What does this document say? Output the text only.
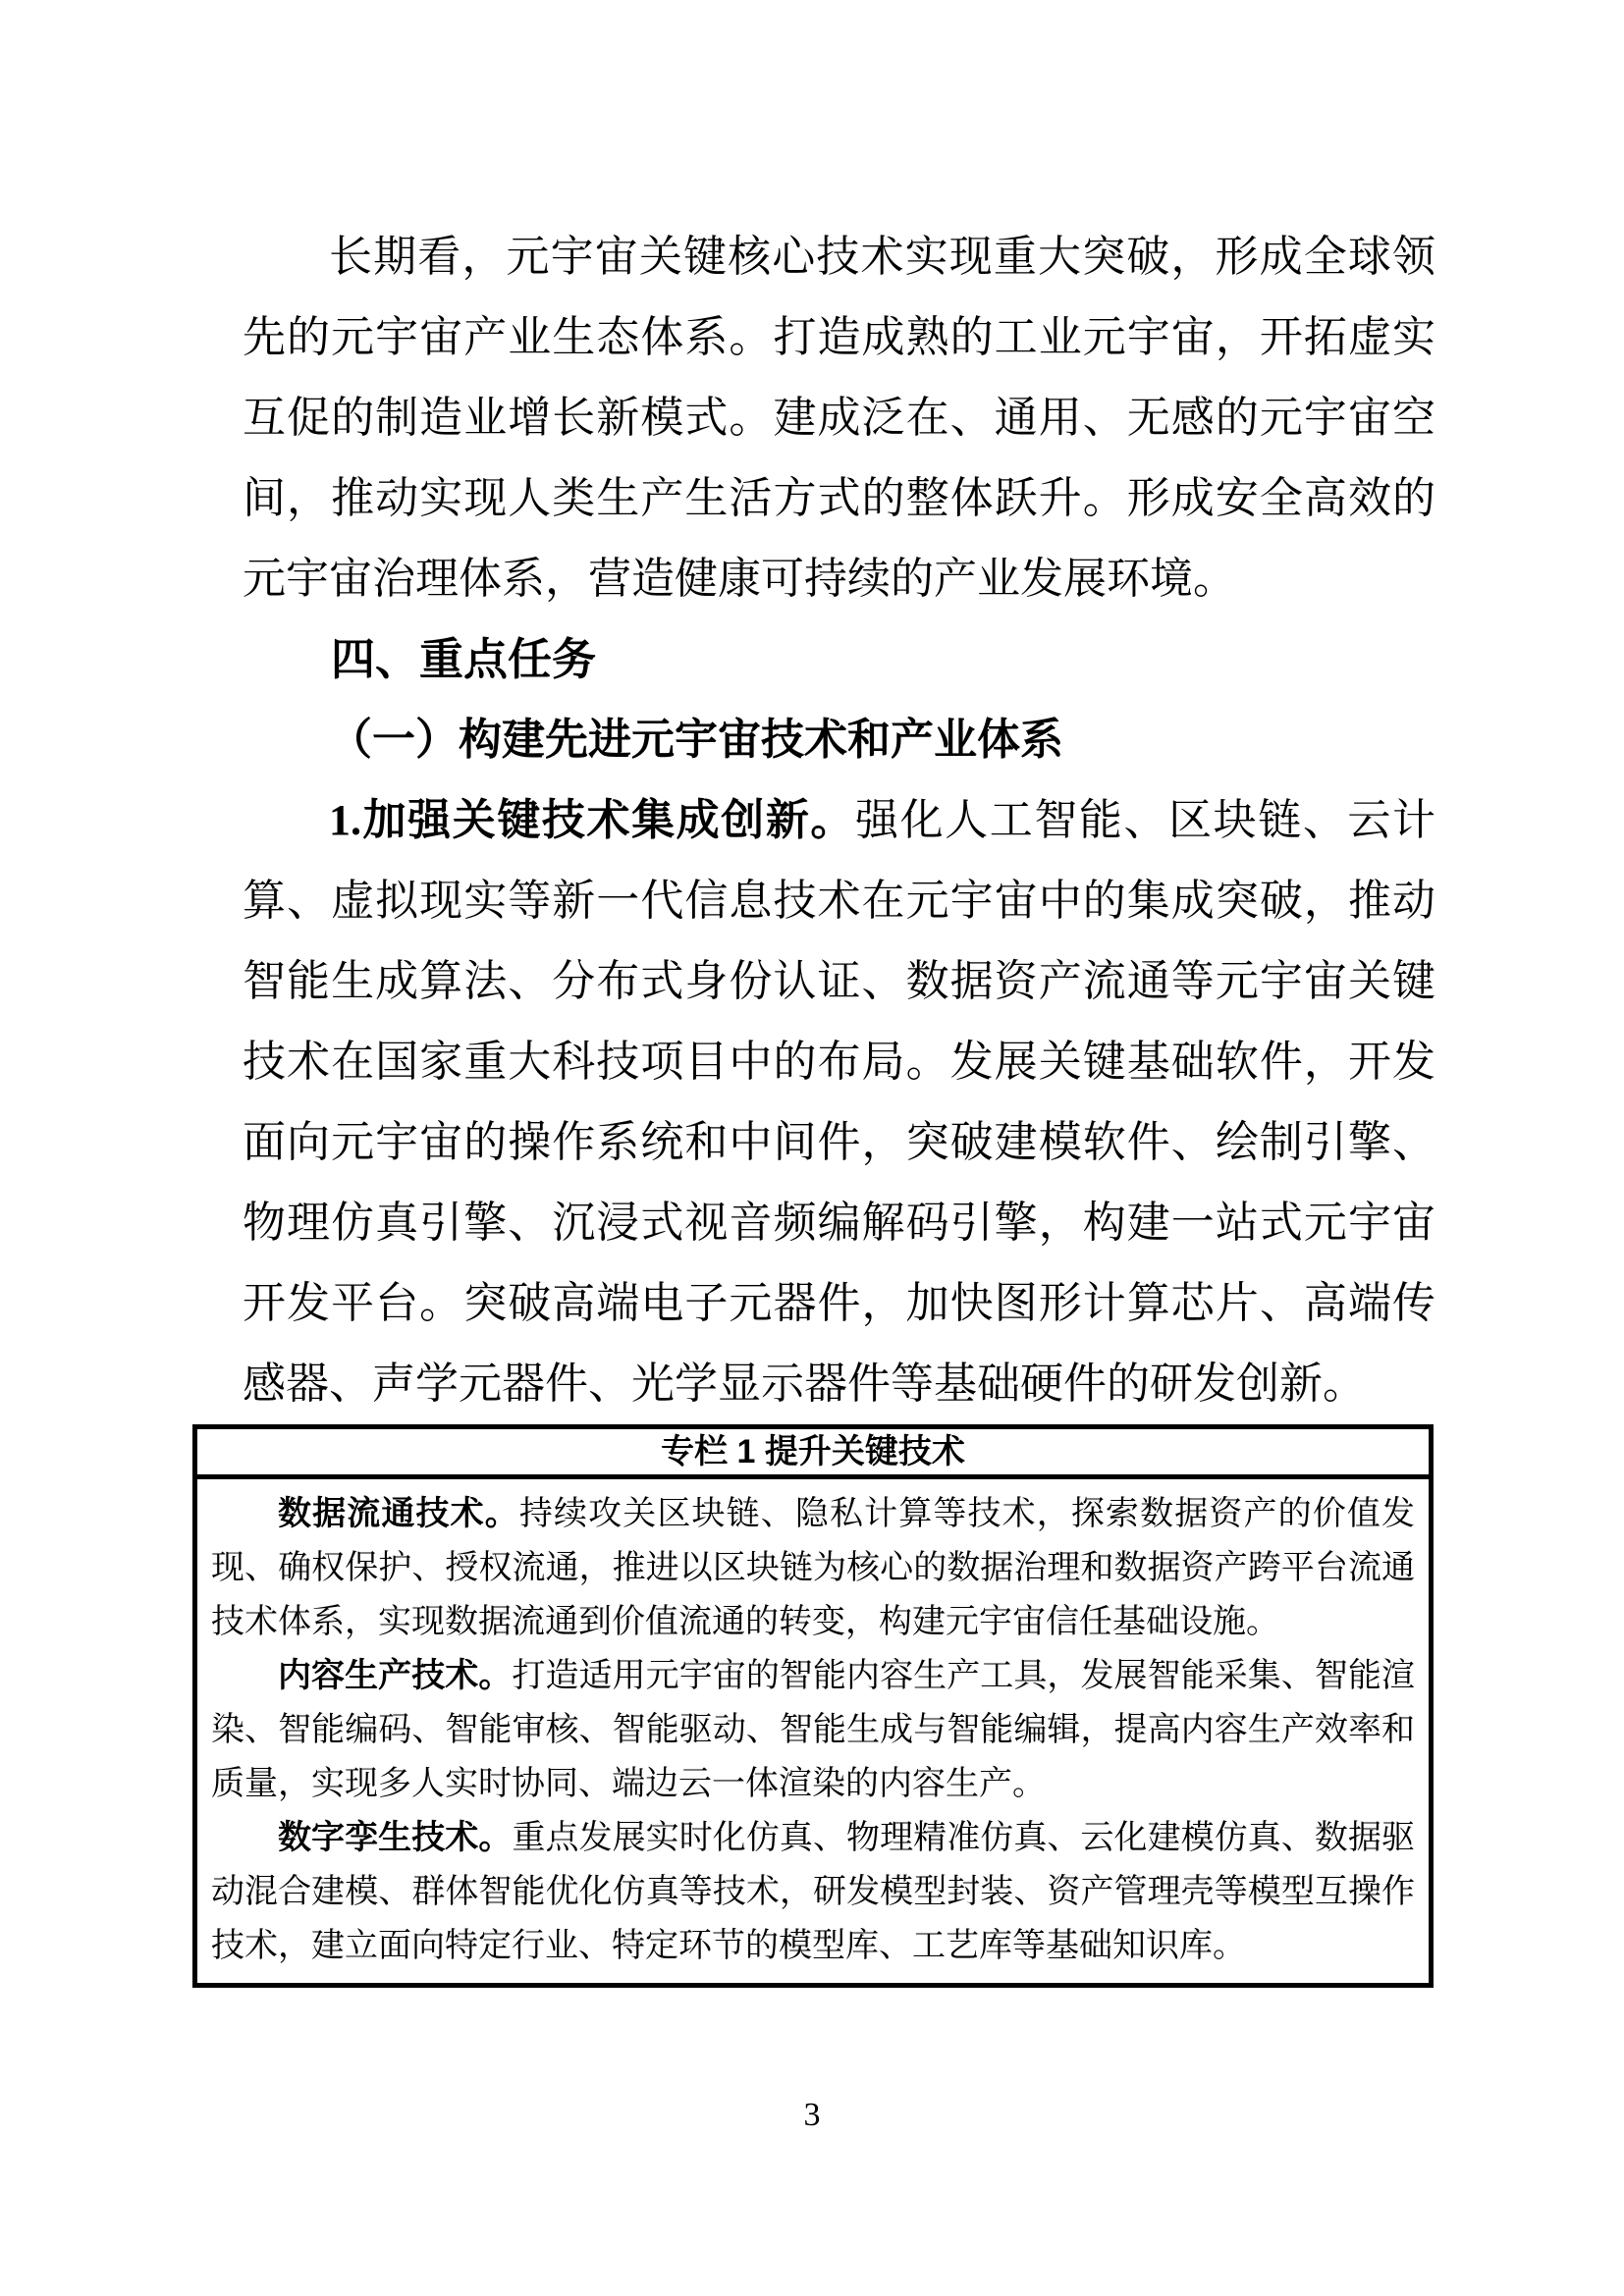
长期看，元宇宙关键核心技术实现重大突破，形成全球领先的元宇宙产业生态体系。打造成熟的工业元宇宙，开拓虚实互促的制造业增长新模式。建成泛在、通用、无感的元宇宙空间，推动实现人类生产生活方式的整体跃升。形成安全高效的元宇宙治理体系，营造健康可持续的产业发展环境。

四、重点任务

（一）构建先进元宇宙技术和产业体系

1.加强关键技术集成创新。强化人工智能、区块链、云计算、虚拟现实等新一代信息技术在元宇宙中的集成突破，推动智能生成算法、分布式身份认证、数据资产流通等元宇宙关键技术在国家重大科技项目中的布局。发展关键基础软件，开发面向元宇宙的操作系统和中间件，突破建模软件、绘制引擎、物理仿真引擎、沉浸式视音频编解码引擎，构建一站式元宇宙开发平台。突破高端电子元器件，加快图形计算芯片、高端传感器、声学元器件、光学显示器件等基础硬件的研发创新。

专栏 1 提升关键技术

数据流通技术。持续攻关区块链、隐私计算等技术，探索数据资产的价值发现、确权保护、授权流通，推进以区块链为核心的数据治理和数据资产跨平台流通技术体系，实现数据流通到价值流通的转变，构建元宇宙信任基础设施。

内容生产技术。打造适用元宇宙的智能内容生产工具，发展智能采集、智能渲染、智能编码、智能审核、智能驱动、智能生成与智能编辑，提高内容生产效率和质量，实现多人实时协同、端边云一体渲染的内容生产。

数字孪生技术。重点发展实时化仿真、物理精准仿真、云化建模仿真、数据驱动混合建模、群体智能优化仿真等技术，研发模型封装、资产管理壳等模型互操作技术，建立面向特定行业、特定环节的模型库、工艺库等基础知识库。

3
